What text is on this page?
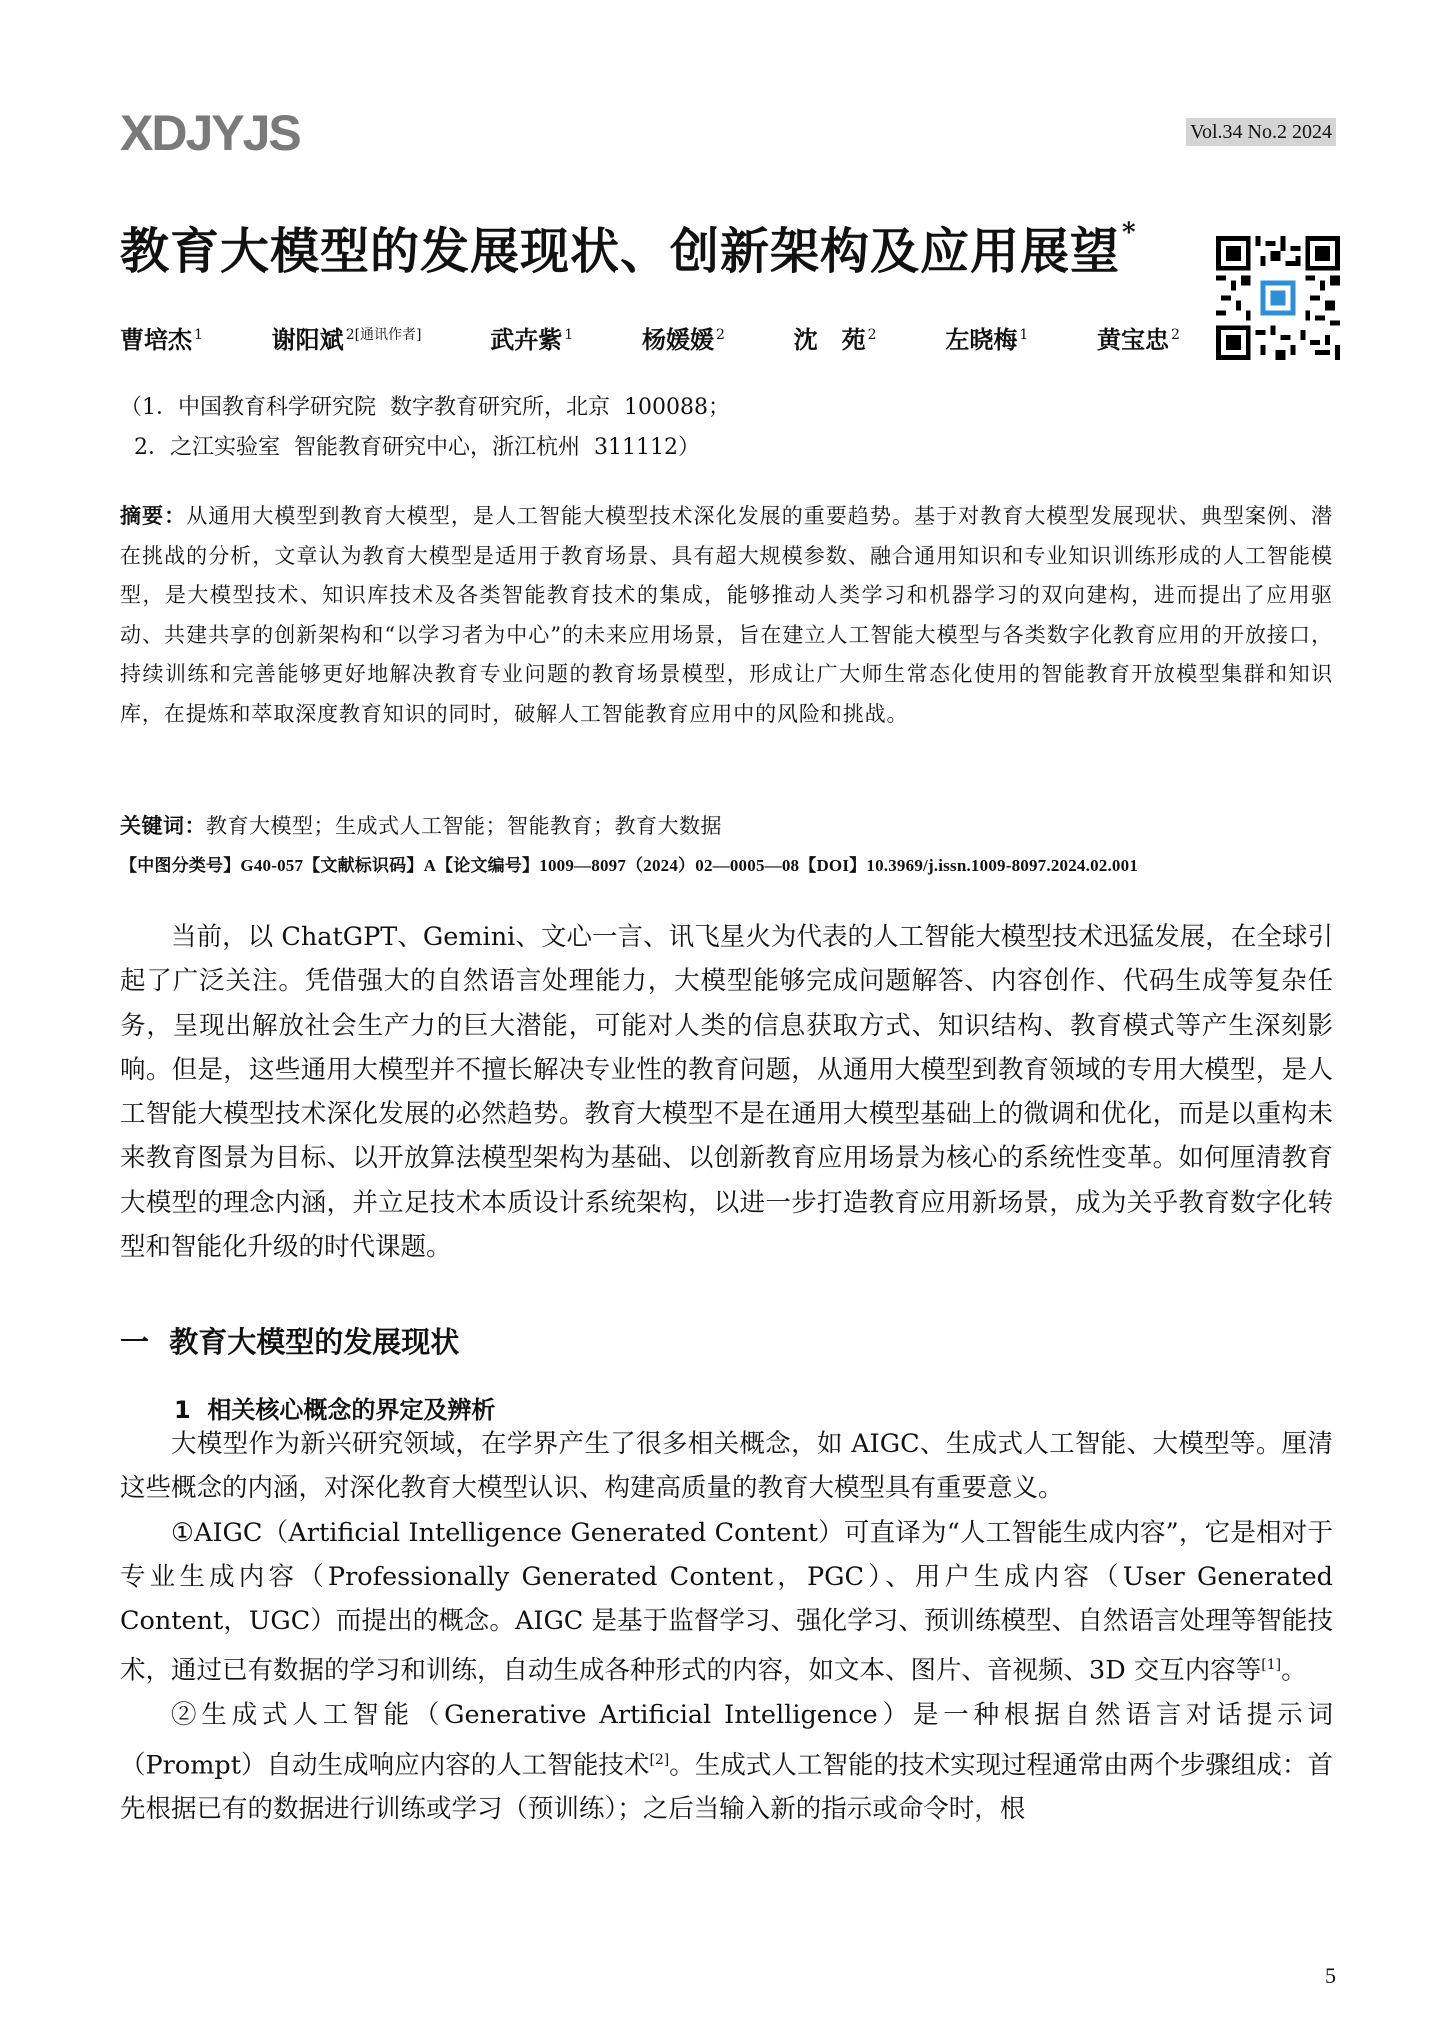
XDJYJS	Vol.34 No.2 2024
教育大模型的发展现状、创新架构及应用展望*
曹培杰 $^1$	谢阳斌 $^{2[通讯作者]}$	武卉紫 $^1$	杨媛媛 $^2$	沈　苑 $^2$	左晓梅 $^1$	黄宝忠 $^2$
（1．中国教育科学研究院  数字教育研究所，北京  100088；
2．之江实验室  智能教育研究中心，浙江杭州  311112）
摘要：从通用大模型到教育大模型，是人工智能大模型技术深化发展的重要趋势。基于对教育大模型发展现状、典型案例、潜在挑战的分析，文章认为教育大模型是适用于教育场景、具有超大规模参数、融合通用知识和专业知识训练形成的人工智能模型，是大模型技术、知识库技术及各类智能教育技术的集成，能够推动人类学习和机器学习的双向建构，进而提出了应用驱动、共建共享的创新架构和“以学习者为中心”的未来应用场景，旨在建立人工智能大模型与各类数字化教育应用的开放接口，持续训练和完善能够更好地解决教育专业问题的教育场景模型，形成让广大师生常态化使用的智能教育开放模型集群和知识库，在提炼和萃取深度教育知识的同时，破解人工智能教育应用中的风险和挑战。
关键词：教育大模型；生成式人工智能；智能教育；教育大数据
【中图分类号】G40-057【文献标识码】A【论文编号】1009—8097（2024）02—0005—08【DOI】10.3969/j.issn.1009-8097.2024.02.001

当前，以 ChatGPT、Gemini、文心一言、讯飞星火为代表的人工智能大模型技术迅猛发展，在全球引起了广泛关注。凭借强大的自然语言处理能力，大模型能够完成问题解答、内容创作、代码生成等复杂任务，呈现出解放社会生产力的巨大潜能，可能对人类的信息获取方式、知识结构、教育模式等产生深刻影响。但是，这些通用大模型并不擅长解决专业性的教育问题，从通用大模型到教育领域的专用大模型，是人工智能大模型技术深化发展的必然趋势。教育大模型不是在通用大模型基础上的微调和优化，而是以重构未来教育图景为目标、以开放算法模型架构为基础、以创新教育应用场景为核心的系统性变革。如何厘清教育大模型的理念内涵，并立足技术本质设计系统架构，以进一步打造教育应用新场景，成为关乎教育数字化转型和智能化升级的时代课题。

一  教育大模型的发展现状
1  相关核心概念的界定及辨析

大模型作为新兴研究领域，在学界产生了很多相关概念，如 AIGC、生成式人工智能、大模型等。厘清这些概念的内涵，对深化教育大模型认识、构建高质量的教育大模型具有重要意义。

①AIGC（Artificial Intelligence Generated Content）可直译为“人工智能生成内容”，它是相对于专业生成内容（Professionally Generated Content，PGC）、用户生成内容（User Generated Content，UGC）而提出的概念。AIGC 是基于监督学习、强化学习、预训练模型、自然语言处理等智能技术，通过已有数据的学习和训练，自动生成各种形式的内容，如文本、图片、音视频、3D 交互内容等[1]。

②生成式人工智能（Generative Artificial Intelligence）是一种根据自然语言对话提示词（Prompt）自动生成响应内容的人工智能技术[2]。生成式人工智能的技术实现过程通常由两个步骤组成：首先根据已有的数据进行训练或学习（预训练）；之后当输入新的指示或命令时，根

5
